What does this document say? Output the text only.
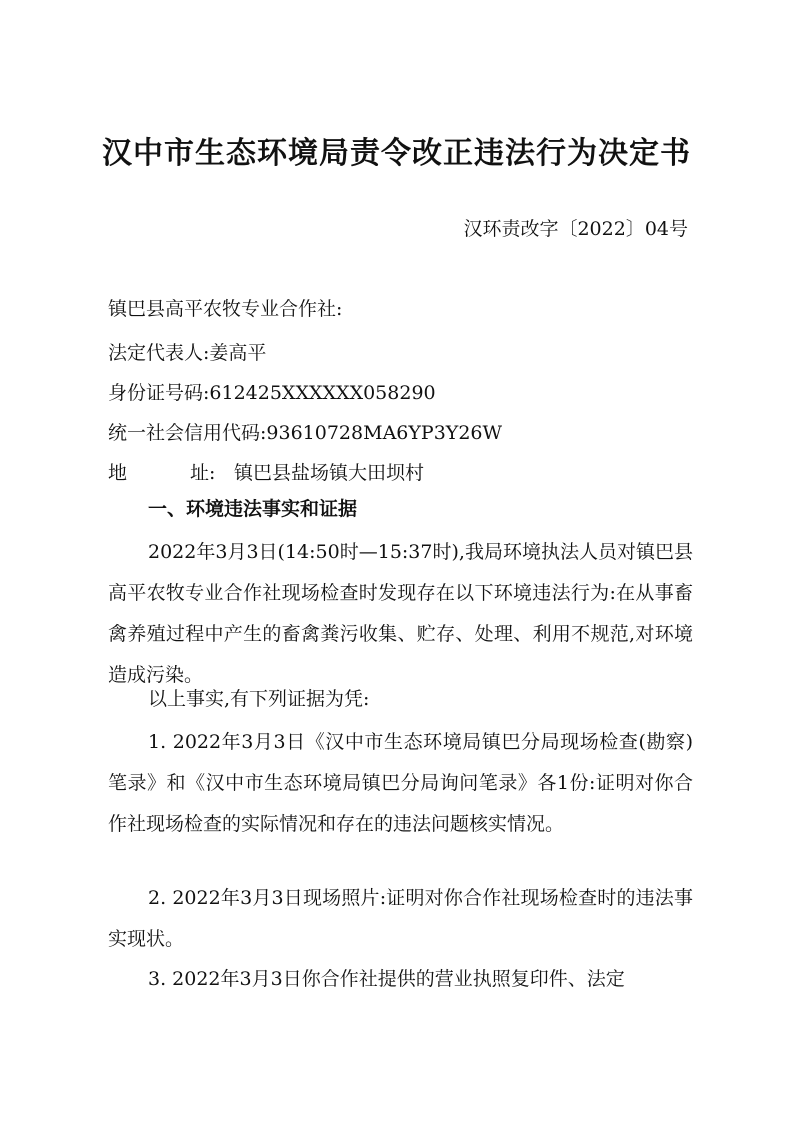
汉中市生态环境局责令改正违法行为决定书
汉环责改字〔2022〕04号
镇巴县高平农牧专业合作社:
法定代表人:姜高平
身份证号码:612425XXXXXX058290
统一社会信用代码:93610728MA6YP3Y26W
地	址: 镇巴县盐场镇大田坝村
一、环境违法事实和证据
2022年3月3日(14:50时—15:37时),我局环境执法人员对镇巴县高平农牧专业合作社现场检查时发现存在以下环境违法行为:在从事畜禽养殖过程中产生的畜禽粪污收集、贮存、处理、利用不规范,对环境造成污染。
以上事实,有下列证据为凭:
1. 2022年3月3日《汉中市生态环境局镇巴分局现场检查(勘察)笔录》和《汉中市生态环境局镇巴分局询问笔录》各1份:证明对你合作社现场检查的实际情况和存在的违法问题核实情况。
2. 2022年3月3日现场照片:证明对你合作社现场检查时的违法事实现状。
3. 2022年3月3日你合作社提供的营业执照复印件、法定
